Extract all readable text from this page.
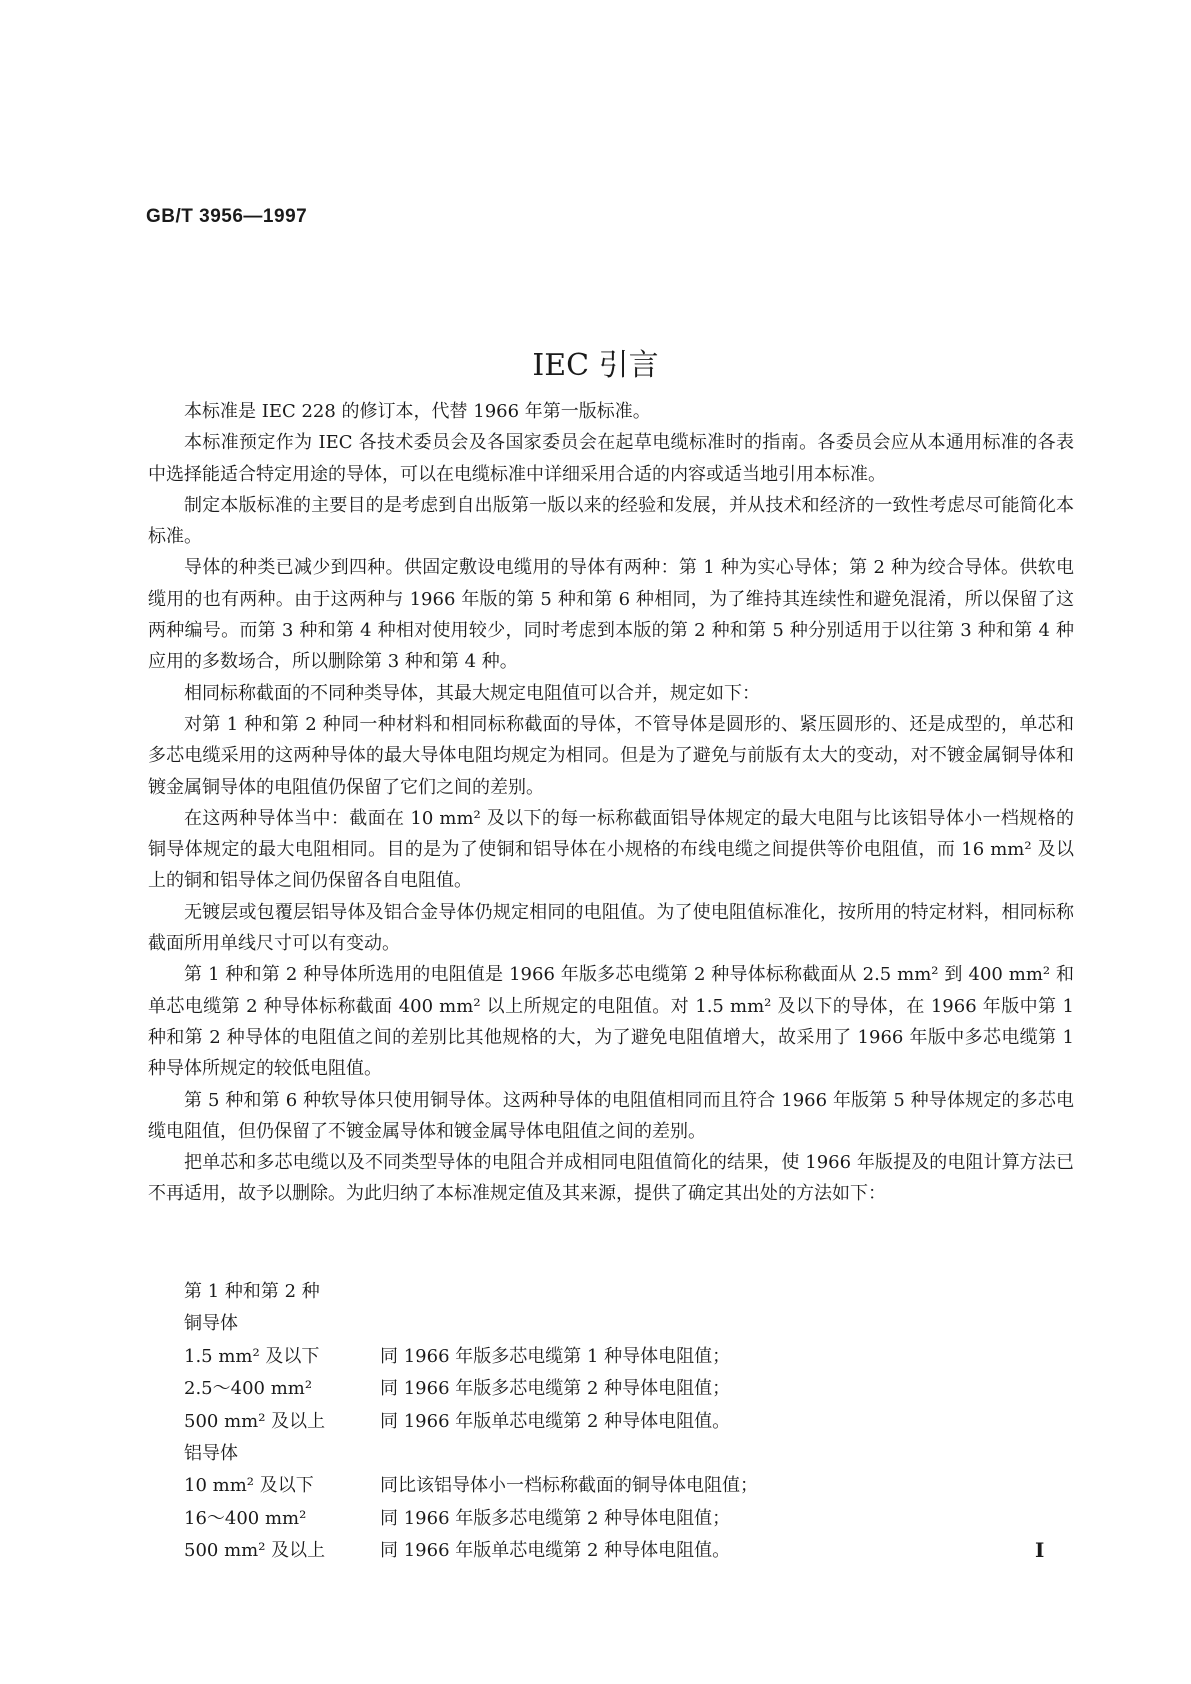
GB/T 3956—1997
IEC 引言

本标准是 IEC 228 的修订本，代替 1966 年第一版标准。

本标准预定作为 IEC 各技术委员会及各国家委员会在起草电缆标准时的指南。各委员会应从本通用标准的各表中选择能适合特定用途的导体，可以在电缆标准中详细采用合适的内容或适当地引用本标准。

制定本版标准的主要目的是考虑到自出版第一版以来的经验和发展，并从技术和经济的一致性考虑尽可能简化本标准。

导体的种类已减少到四种。供固定敷设电缆用的导体有两种：第 1 种为实心导体；第 2 种为绞合导体。供软电缆用的也有两种。由于这两种与 1966 年版的第 5 种和第 6 种相同，为了维持其连续性和避免混淆，所以保留了这两种编号。而第 3 种和第 4 种相对使用较少，同时考虑到本版的第 2 种和第 5 种分别适用于以往第 3 种和第 4 种应用的多数场合，所以删除第 3 种和第 4 种。

相同标称截面的不同种类导体，其最大规定电阻值可以合并，规定如下：

对第 1 种和第 2 种同一种材料和相同标称截面的导体，不管导体是圆形的、紧压圆形的、还是成型的，单芯和多芯电缆采用的这两种导体的最大导体电阻均规定为相同。但是为了避免与前版有太大的变动，对不镀金属铜导体和镀金属铜导体的电阻值仍保留了它们之间的差别。

在这两种导体当中：截面在 10 mm² 及以下的每一标称截面铝导体规定的最大电阻与比该铝导体小一档规格的铜导体规定的最大电阻相同。目的是为了使铜和铝导体在小规格的布线电缆之间提供等价电阻值，而 16 mm² 及以上的铜和铝导体之间仍保留各自电阻值。

无镀层或包覆层铝导体及铝合金导体仍规定相同的电阻值。为了使电阻值标准化，按所用的特定材料，相同标称截面所用单线尺寸可以有变动。

第 1 种和第 2 种导体所选用的电阻值是 1966 年版多芯电缆第 2 种导体标称截面从 2.5 mm² 到 400 mm² 和单芯电缆第 2 种导体标称截面 400 mm² 以上所规定的电阻值。对 1.5 mm² 及以下的导体，在 1966 年版中第 1 种和第 2 种导体的电阻值之间的差别比其他规格的大，为了避免电阻值增大，故采用了 1966 年版中多芯电缆第 1 种导体所规定的较低电阻值。

第 5 种和第 6 种软导体只使用铜导体。这两种导体的电阻值相同而且符合 1966 年版第 5 种导体规定的多芯电缆电阻值，但仍保留了不镀金属导体和镀金属导体电阻值之间的差别。

把单芯和多芯电缆以及不同类型导体的电阻合并成相同电阻值简化的结果，使 1966 年版提及的电阻计算方法已不再适用，故予以删除。为此归纳了本标准规定值及其来源，提供了确定其出处的方法如下：

第 1 种和第 2 种
铜导体
1.5 mm² 及以下	同 1966 年版多芯电缆第 1 种导体电阻值；
2.5～400 mm²	同 1966 年版多芯电缆第 2 种导体电阻值；
500 mm² 及以上	同 1966 年版单芯电缆第 2 种导体电阻值。
铝导体
10 mm² 及以下	同比该铝导体小一档标称截面的铜导体电阻值；
16～400 mm²	同 1966 年版多芯电缆第 2 种导体电阻值；
500 mm² 及以上	同 1966 年版单芯电缆第 2 种导体电阻值。	I
